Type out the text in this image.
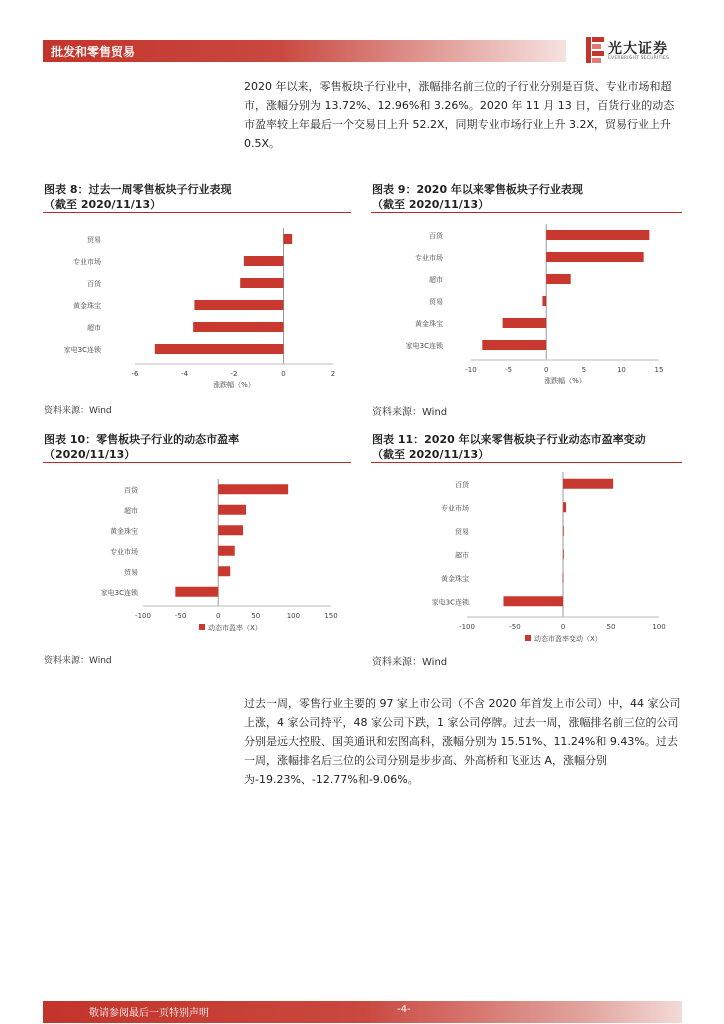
批发和零售贸易	光大证券
EVERBRIGHT SECURITIES
2020 年以来，零售板块子行业中，涨幅排名前三位的子行业分别是百货、专业市场和超市，涨幅分别为 13.72%、12.96%和 3.26%。2020 年 11 月 13 日，百货行业的动态市盈率较上年最后一个交易日上升 52.2X，同期专业市场行业上升 3.2X，贸易行业上升 0.5X。
图表 8：过去一周零售板块子行业表现
（截至 2020/11/13）
贸易
专业市场
百货
黄金珠宝
超市
家电3C连锁
-6	-4	-2	0	2
涨跌幅（%）
资料来源：Wind
图表 9：2020 年以来零售板块子行业表现
（截至 2020/11/13）
百货
专业市场
超市
贸易
黄金珠宝
家电3C连锁
-10	-5	0	5	10	15
涨跌幅（%）
资料来源：Wind
图表 10：零售板块子行业的动态市盈率
（2020/11/13）
百货
超市
黄金珠宝
专业市场
贸易
家电3C连锁
-100	-50	0	50	100	150
动态市盈率（X）
资料来源：Wind
图表 11：2020 年以来零售板块子行业动态市盈率变动
（截至 2020/11/13）
百货
专业市场
贸易
超市
黄金珠宝
家电3C连锁
-100	-50	0	50	100
动态市盈率变动（X）
资料来源：Wind
过去一周，零售行业主要的 97 家上市公司（不含 2020 年首发上市公司）中，44 家公司上涨，4 家公司持平，48 家公司下跌，1 家公司停牌。过去一周，涨幅排名前三位的公司分别是远大控股、国美通讯和宏图高科，涨幅分别为 15.51%、11.24%和 9.43%。过去一周，涨幅排名后三位的公司分别是步步高、外高桥和飞亚达 A，涨幅分别为-19.23%、-12.77%和-9.06%。
敬请参阅最后一页特别声明	-4-
